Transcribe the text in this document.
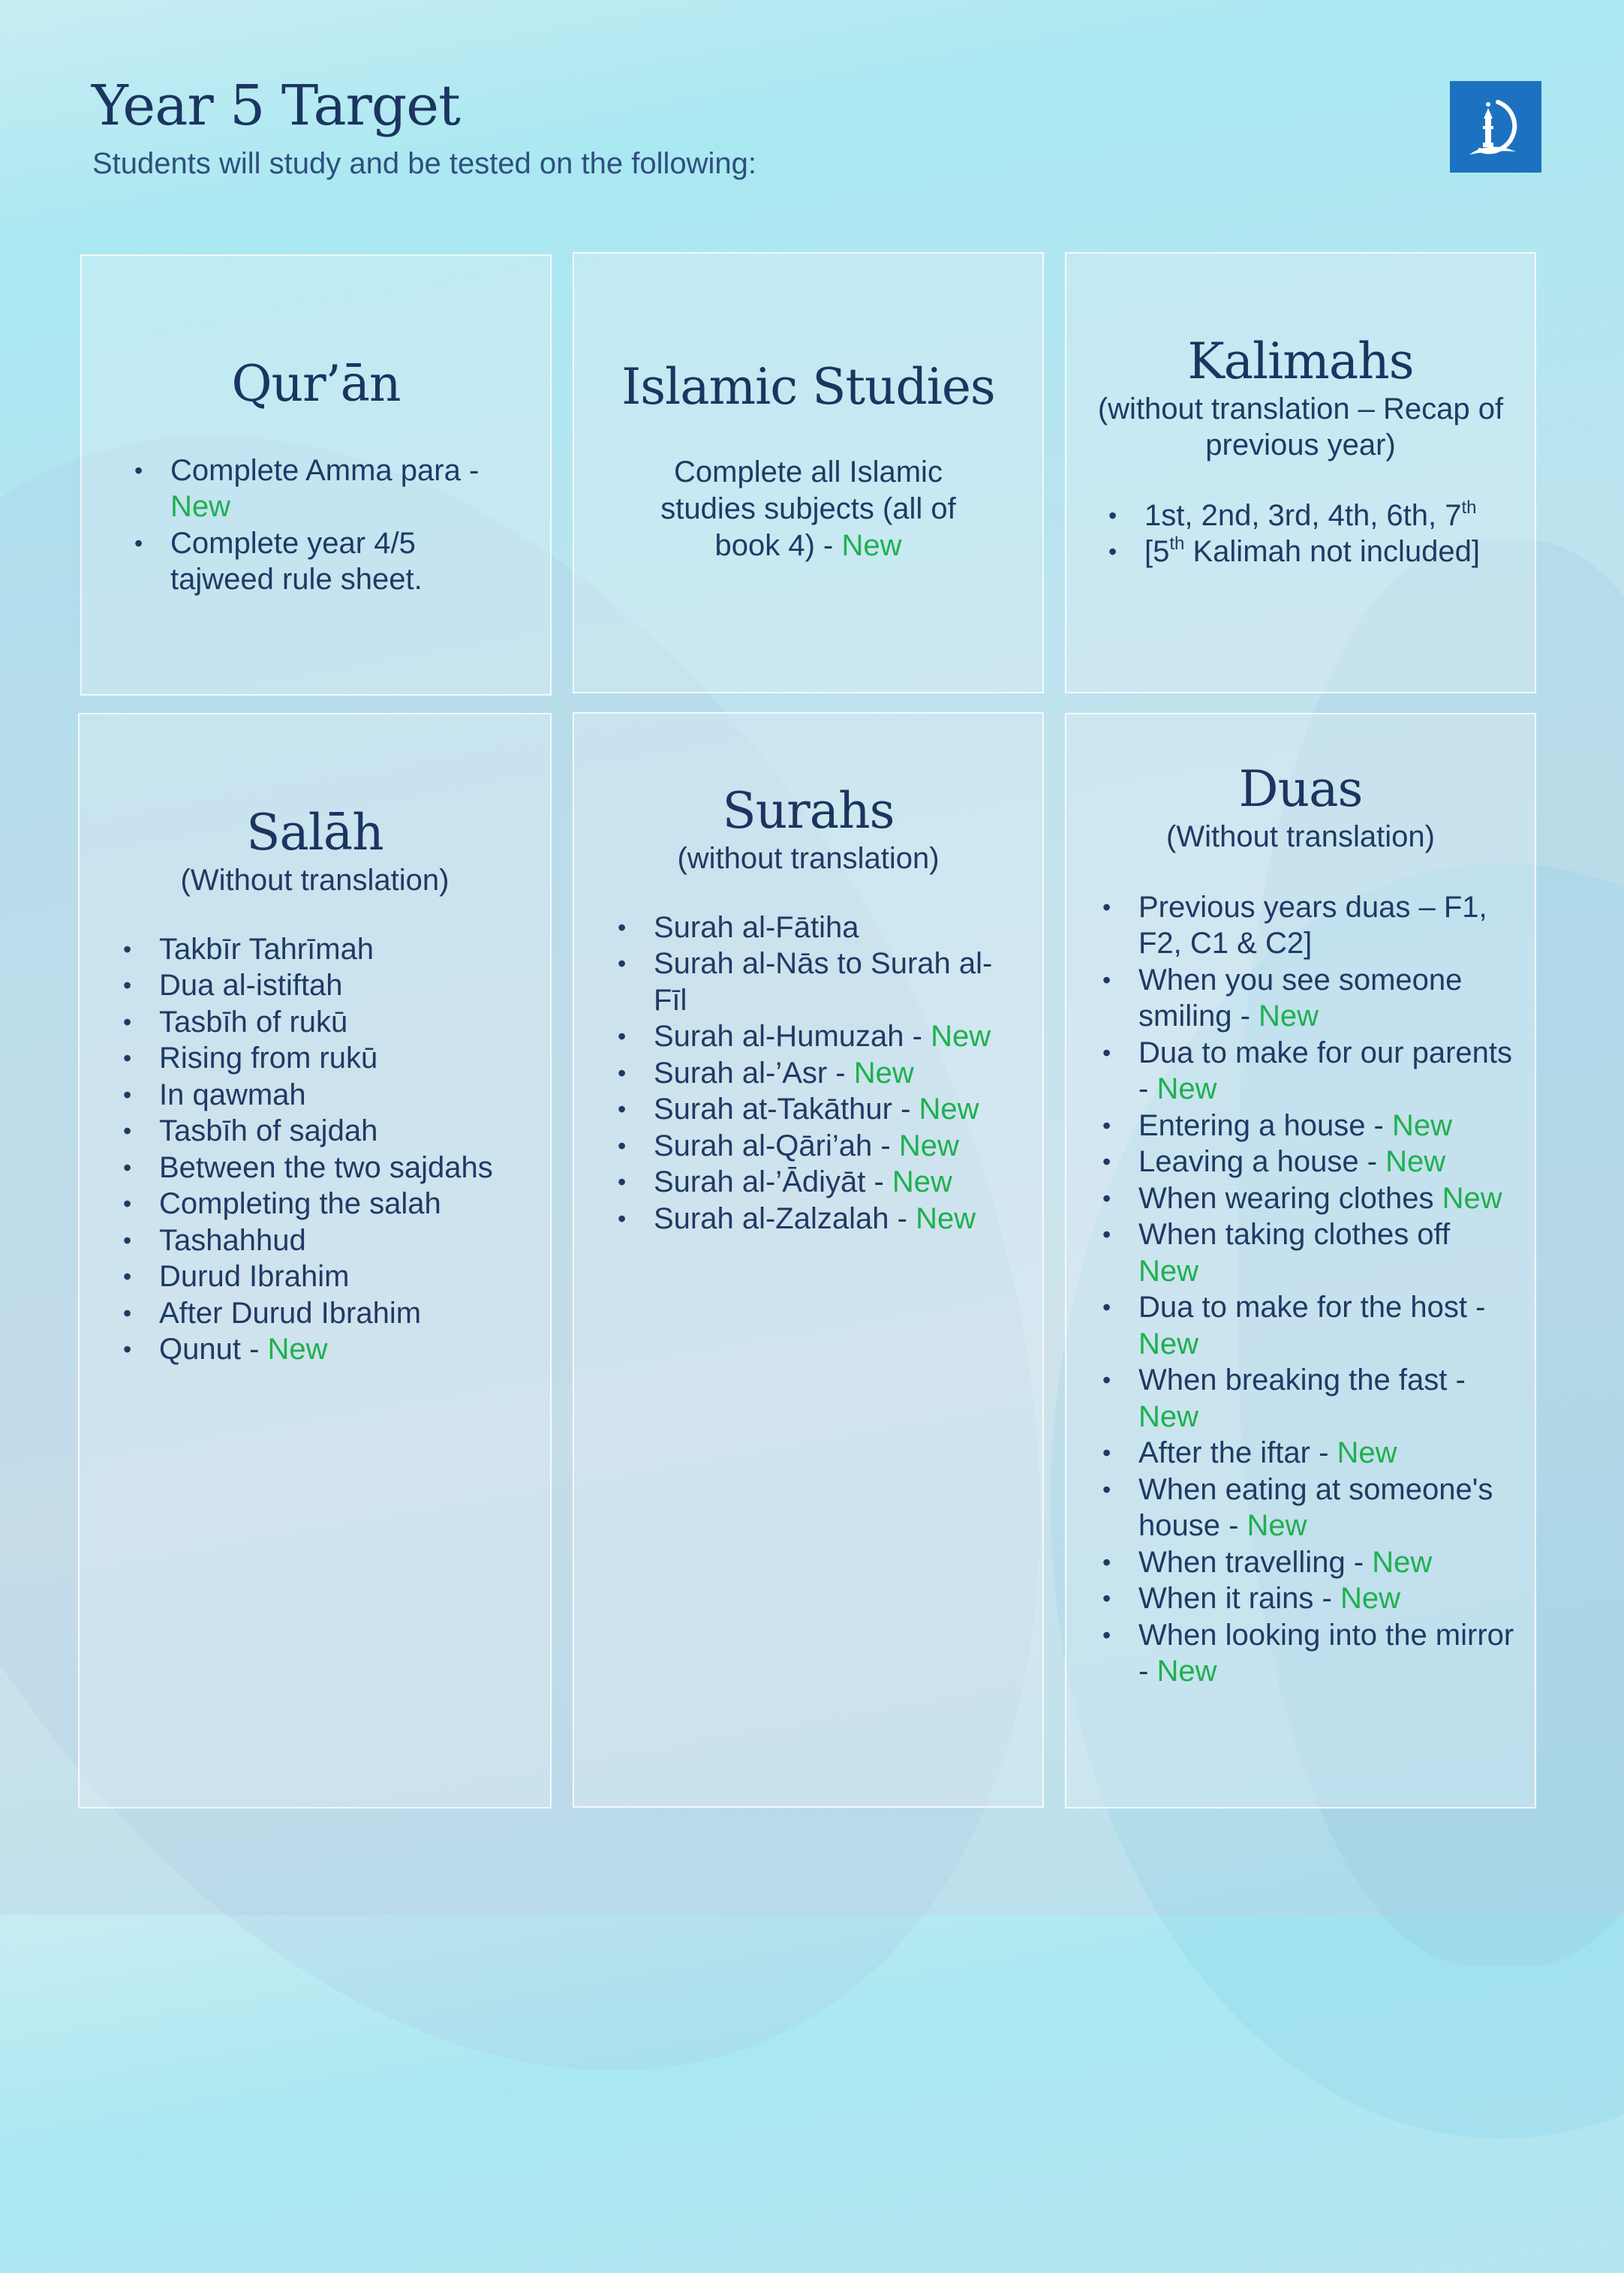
Year 5 Target

Students will study and be tested on the following:

Qur’ān
• Complete Amma para - New
• Complete year 4/5 tajweed rule sheet.
Islamic Studies

Complete all Islamic studies subjects (all of book 4) - New

Kalimahs
(without translation – Recap of previous year)
• 1st, 2nd, 3rd, 4th, 6th, 7th
• [5th Kalimah not included]
Salāh
(Without translation)
• Takbīr Tahrīmah
• Dua al-istiftah
• Tasbīh of rukū
• Rising from rukū
• In qawmah
• Tasbīh of sajdah
• Between the two sajdahs
• Completing the salah
• Tashahhud
• Durud Ibrahim
• After Durud Ibrahim
• Qunut - New
Surahs
(without translation)
• Surah al-Fātiha
• Surah al-Nās to Surah al-Fīl
• Surah al-Humuzah - New
• Surah al-’Asr - New
• Surah at-Takāthur - New
• Surah al-Qāri’ah - New
• Surah al-’Ādiyāt - New
• Surah al-Zalzalah - New
Duas
(Without translation)
• Previous years duas – F1, F2, C1 & C2]
• When you see someone smiling - New
• Dua to make for our parents - New
• Entering a house - New
• Leaving a house - New
• When wearing clothes New
• When taking clothes off New
• Dua to make for the host - New
• When breaking the fast - New
• After the iftar - New
• When eating at someone's house - New
• When travelling - New
• When it rains - New
• When looking into the mirror - New
